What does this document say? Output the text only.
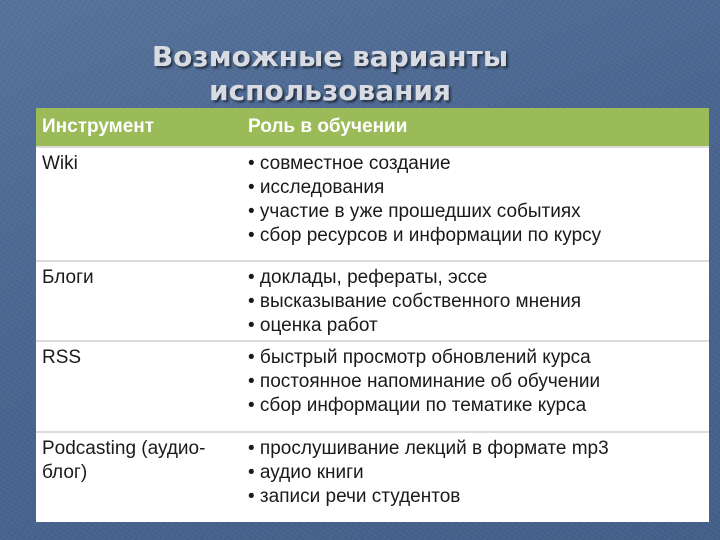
Возможные варианты
использования
Инструмент	Роль в обучении
Wiki	• совместное создание
• исследования
• участие в уже прошедших событиях
• сбор ресурсов и информации по курсу

Блоги	• доклады, рефераты, эссе
• высказывание собственного мнения
• оценка работ

RSS	• быстрый просмотр обновлений курса
• постоянное напоминание об обучении
• сбор информации по тематике курса

Podcasting (аудио-блог)	• прослушивание лекций в формате mp3
• аудио книги
• записи речи студентов
